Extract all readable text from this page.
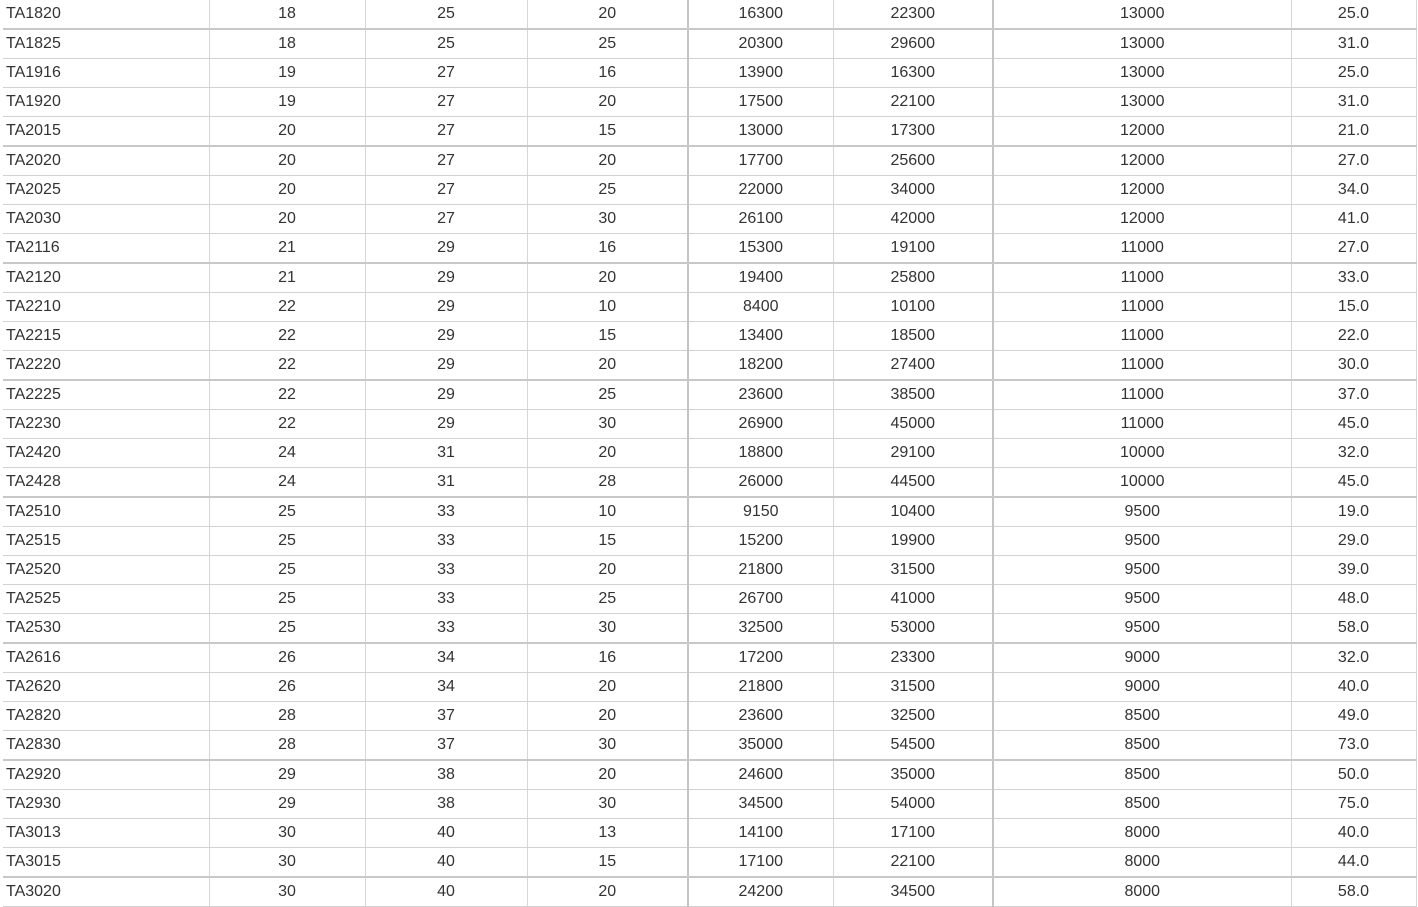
TA1820	18	25	20	16300	22300	13000	25.0
TA1825	18	25	25	20300	29600	13000	31.0
TA1916	19	27	16	13900	16300	13000	25.0
TA1920	19	27	20	17500	22100	13000	31.0
TA2015	20	27	15	13000	17300	12000	21.0
TA2020	20	27	20	17700	25600	12000	27.0
TA2025	20	27	25	22000	34000	12000	34.0
TA2030	20	27	30	26100	42000	12000	41.0
TA2116	21	29	16	15300	19100	11000	27.0
TA2120	21	29	20	19400	25800	11000	33.0
TA2210	22	29	10	8400	10100	11000	15.0
TA2215	22	29	15	13400	18500	11000	22.0
TA2220	22	29	20	18200	27400	11000	30.0
TA2225	22	29	25	23600	38500	11000	37.0
TA2230	22	29	30	26900	45000	11000	45.0
TA2420	24	31	20	18800	29100	10000	32.0
TA2428	24	31	28	26000	44500	10000	45.0
TA2510	25	33	10	9150	10400	9500	19.0
TA2515	25	33	15	15200	19900	9500	29.0
TA2520	25	33	20	21800	31500	9500	39.0
TA2525	25	33	25	26700	41000	9500	48.0
TA2530	25	33	30	32500	53000	9500	58.0
TA2616	26	34	16	17200	23300	9000	32.0
TA2620	26	34	20	21800	31500	9000	40.0
TA2820	28	37	20	23600	32500	8500	49.0
TA2830	28	37	30	35000	54500	8500	73.0
TA2920	29	38	20	24600	35000	8500	50.0
TA2930	29	38	30	34500	54000	8500	75.0
TA3013	30	40	13	14100	17100	8000	40.0
TA3015	30	40	15	17100	22100	8000	44.0
TA3020	30	40	20	24200	34500	8000	58.0
